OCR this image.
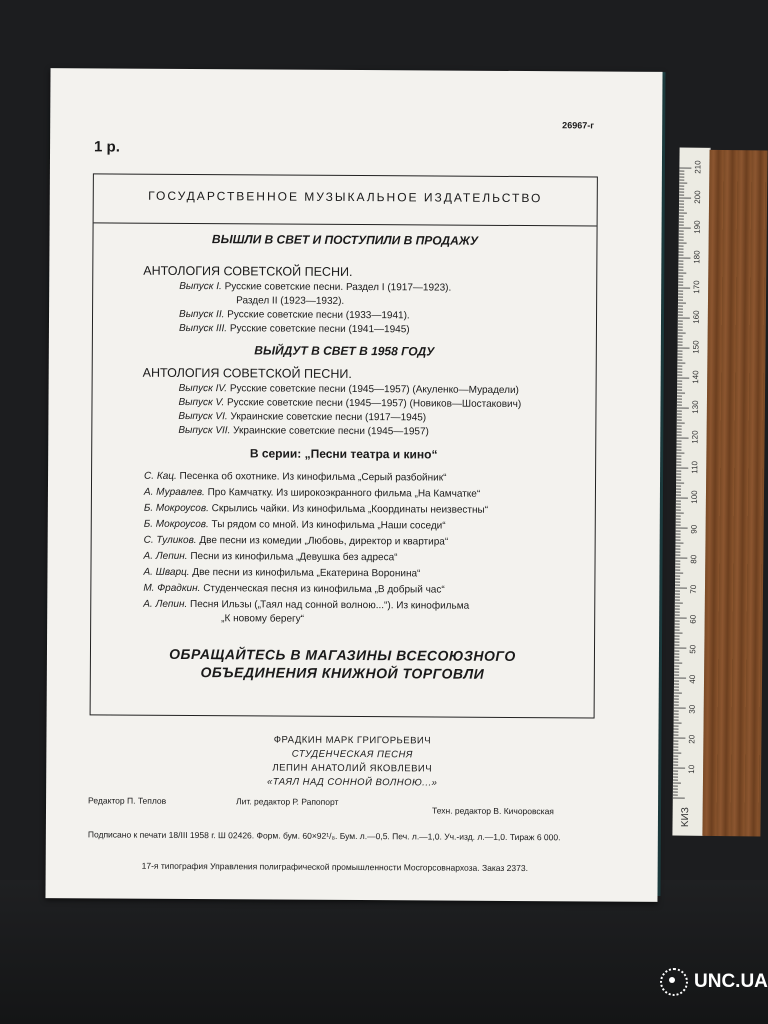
1 р.
26967-г
ГОСУДАРСТВЕННОЕ МУЗЫКАЛЬНОЕ ИЗДАТЕЛЬСТВО
ВЫШЛИ В СВЕТ И ПОСТУПИЛИ В ПРОДАЖУ
АНТОЛОГИЯ СОВЕТСКОЙ ПЕСНИ.
Выпуск I. Русские советские песни. Раздел I (1917—1923).
Раздел II (1923—1932).
Выпуск II. Русские советские песни (1933—1941).
Выпуск III. Русские советские песни (1941—1945)
ВЫЙДУТ В СВЕТ В 1958 ГОДУ
АНТОЛОГИЯ СОВЕТСКОЙ ПЕСНИ.
Выпуск IV. Русские советские песни (1945—1957) (Акуленко—Мурадели)
Выпуск V. Русские советские песни (1945—1957) (Новиков—Шостакович)
Выпуск VI. Украинские советские песни (1917—1945)
Выпуск VII. Украинские советские песни (1945—1957)
В серии: „Песни театра и кино“
С. Кац. Песенка об охотнике. Из кинофильма „Серый разбойник“
А. Муравлев. Про Камчатку. Из широкоэкранного фильма „На Камчатке“
Б. Мокроусов. Скрылись чайки. Из кинофильма „Координаты неизвестны“
Б. Мокроусов. Ты рядом со мной. Из кинофильма „Наши соседи“
С. Туликов. Две песни из комедии „Любовь, директор и квартира“
А. Лепин. Песни из кинофильма „Девушка без адреса“
А. Шварц. Две песни из кинофильма „Екатерина Воронина“
М. Фрадкин. Студенческая песня из кинофильма „В добрый час“
А. Лепин. Песня Ильзы („Таял над сонной волною...“). Из кинофильма
„К новому берегу“
ОБРАЩАЙТЕСЬ В МАГАЗИНЫ ВСЕСОЮЗНОГО
ОБЪЕДИНЕНИЯ КНИЖНОЙ ТОРГОВЛИ
ФРАДКИН МАРК ГРИГОРЬЕВИЧ
СТУДЕНЧЕСКАЯ ПЕСНЯ
ЛЕПИН АНАТОЛИЙ ЯКОВЛЕВИЧ
«ТАЯЛ НАД СОННОЙ ВОЛНОЮ...»
Редактор П. Теплов	Лит. редактор Р. Рапопорт
Техн. редактор В. Кичоровская
Подписано к печати 18/III 1958 г. Ш 02426. Форм. бум. 60×92¹/₈. Бум. л.—0,5. Печ. л.—1,0. Уч.-изд. л.—1,0. Тираж 6 000.
17-я типография Управления полиграфической промышленности Мосгорсовнархоза. Заказ 2373.
10
20
30
40
50
60
70
80
90
100
110
120
130
140
150
160
170
180
190
200
210
KИЗ
UNC.UA
